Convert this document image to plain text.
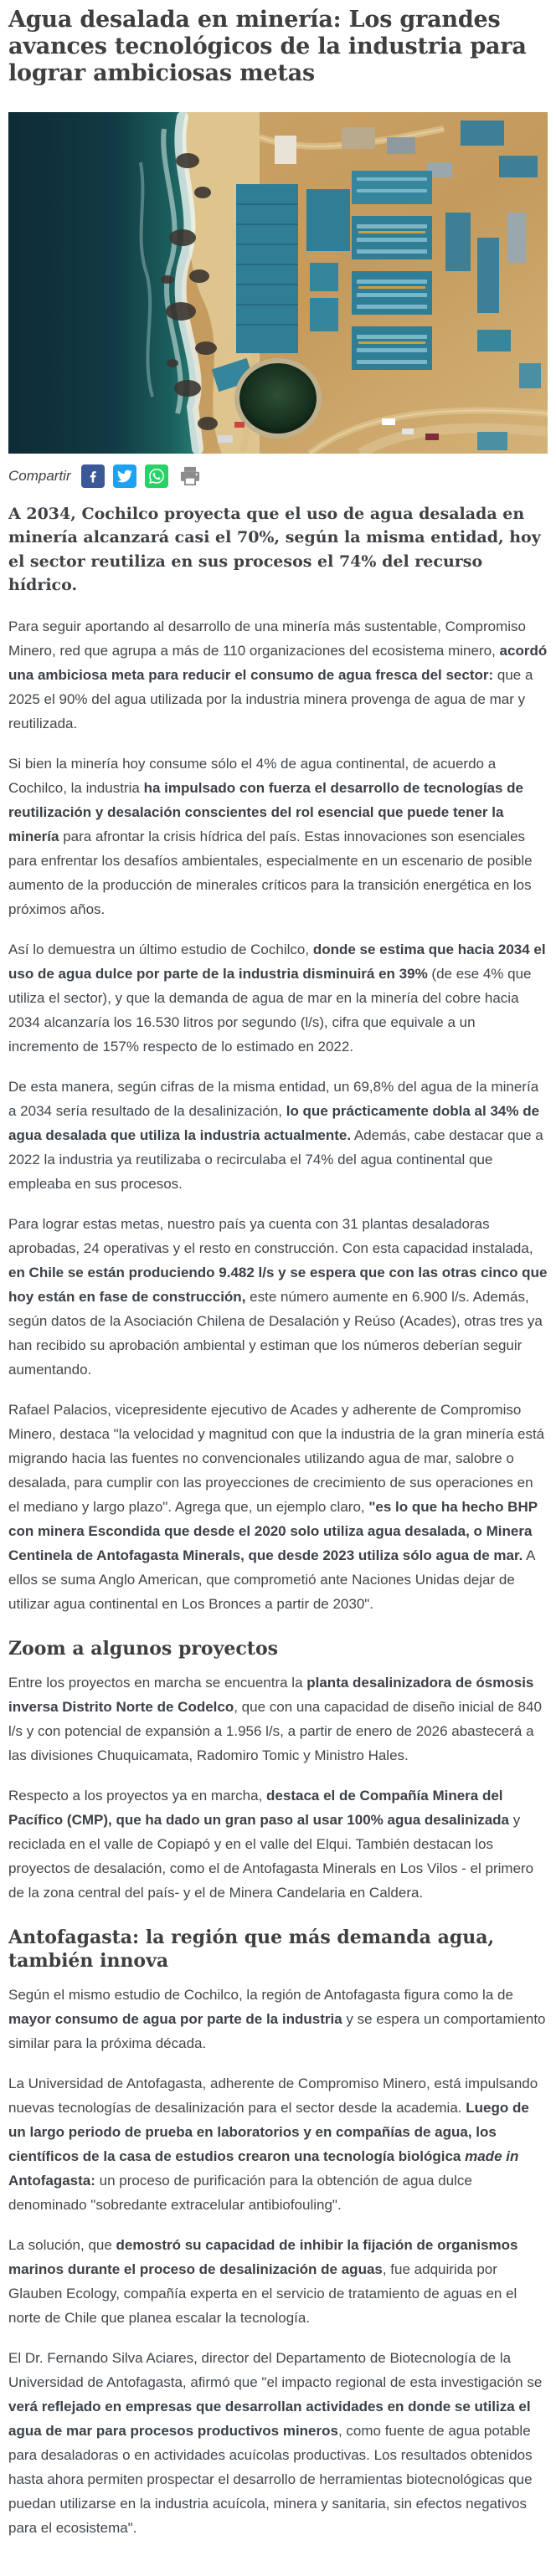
Agua desalada en minería: Los grandes avances tecnológicos de la industria para lograr ambiciosas metas
Compartir

A 2034, Cochilco proyecta que el uso de agua desalada en minería alcanzará casi el 70%, según la misma entidad, hoy el sector reutiliza en sus procesos el 74% del recurso hídrico.

Para seguir aportando al desarrollo de una minería más sustentable, Compromiso Minero, red que agrupa a más de 110 organizaciones del ecosistema minero, acordó una ambiciosa meta para reducir el consumo de agua fresca del sector: que a 2025 el 90% del agua utilizada por la industria minera provenga de agua de mar y reutilizada.

Si bien la minería hoy consume sólo el 4% de agua continental, de acuerdo a Cochilco, la industria ha impulsado con fuerza el desarrollo de tecnologías de reutilización y desalación conscientes del rol esencial que puede tener la minería para afrontar la crisis hídrica del país. Estas innovaciones son esenciales para enfrentar los desafíos ambientales, especialmente en un escenario de posible aumento de la producción de minerales críticos para la transición energética en los próximos años.

Así lo demuestra un último estudio de Cochilco, donde se estima que hacia 2034 el uso de agua dulce por parte de la industria disminuirá en 39% (de ese 4% que utiliza el sector), y que la demanda de agua de mar en la minería del cobre hacia 2034 alcanzaría los 16.530 litros por segundo (l/s), cifra que equivale a un incremento de 157% respecto de lo estimado en 2022.

De esta manera, según cifras de la misma entidad, un 69,8% del agua de la minería a 2034 sería resultado de la desalinización, lo que prácticamente dobla al 34% de agua desalada que utiliza la industria actualmente. Además, cabe destacar que a 2022 la industria ya reutilizaba o recirculaba el 74% del agua continental que empleaba en sus procesos.

Para lograr estas metas, nuestro país ya cuenta con 31 plantas desaladoras aprobadas, 24 operativas y el resto en construcción. Con esta capacidad instalada, en Chile se están produciendo 9.482 l/s y se espera que con las otras cinco que hoy están en fase de construcción, este número aumente en 6.900 l/s. Además, según datos de la Asociación Chilena de Desalación y Reúso (Acades), otras tres ya han recibido su aprobación ambiental y estiman que los números deberían seguir aumentando.

Rafael Palacios, vicepresidente ejecutivo de Acades y adherente de Compromiso Minero, destaca "la velocidad y magnitud con que la industria de la gran minería está migrando hacia las fuentes no convencionales utilizando agua de mar, salobre o desalada, para cumplir con las proyecciones de crecimiento de sus operaciones en el mediano y largo plazo". Agrega que, un ejemplo claro, "es lo que ha hecho BHP con minera Escondida que desde el 2020 solo utiliza agua desalada, o Minera Centinela de Antofagasta Minerals, que desde 2023 utiliza sólo agua de mar. A ellos se suma Anglo American, que comprometió ante Naciones Unidas dejar de utilizar agua continental en Los Bronces a partir de 2030".

Zoom a algunos proyectos

Entre los proyectos en marcha se encuentra la planta desalinizadora de ósmosis inversa Distrito Norte de Codelco, que con una capacidad de diseño inicial de 840 l/s y con potencial de expansión a 1.956 l/s, a partir de enero de 2026 abastecerá a las divisiones Chuquicamata, Radomiro Tomic y Ministro Hales.

Respecto a los proyectos ya en marcha, destaca el de Compañía Minera del Pacífico (CMP), que ha dado un gran paso al usar 100% agua desalinizada y reciclada en el valle de Copiapó y en el valle del Elqui. También destacan los proyectos de desalación, como el de Antofagasta Minerals en Los Vilos - el primero de la zona central del país- y el de Minera Candelaria en Caldera.

Antofagasta: la región que más demanda agua, también innova

Según el mismo estudio de Cochilco, la región de Antofagasta figura como la de mayor consumo de agua por parte de la industria y se espera un comportamiento similar para la próxima década.

La Universidad de Antofagasta, adherente de Compromiso Minero, está impulsando nuevas tecnologías de desalinización para el sector desde la academia. Luego de un largo periodo de prueba en laboratorios y en compañías de agua, los científicos de la casa de estudios crearon una tecnología biológica made in Antofagasta: un proceso de purificación para la obtención de agua dulce denominado "sobredante extracelular antibiofouling".

La solución, que demostró su capacidad de inhibir la fijación de organismos marinos durante el proceso de desalinización de aguas, fue adquirida por Glauben Ecology, compañía experta en el servicio de tratamiento de aguas en el norte de Chile que planea escalar la tecnología.

El Dr. Fernando Silva Aciares, director del Departamento de Biotecnología de la Universidad de Antofagasta, afirmó que "el impacto regional de esta investigación se verá reflejado en empresas que desarrollan actividades en donde se utiliza el agua de mar para procesos productivos mineros, como fuente de agua potable para desaladoras o en actividades acuícolas productivas. Los resultados obtenidos hasta ahora permiten prospectar el desarrollo de herramientas biotecnológicas que puedan utilizarse en la industria acuícola, minera y sanitaria, sin efectos negativos para el ecosistema".
